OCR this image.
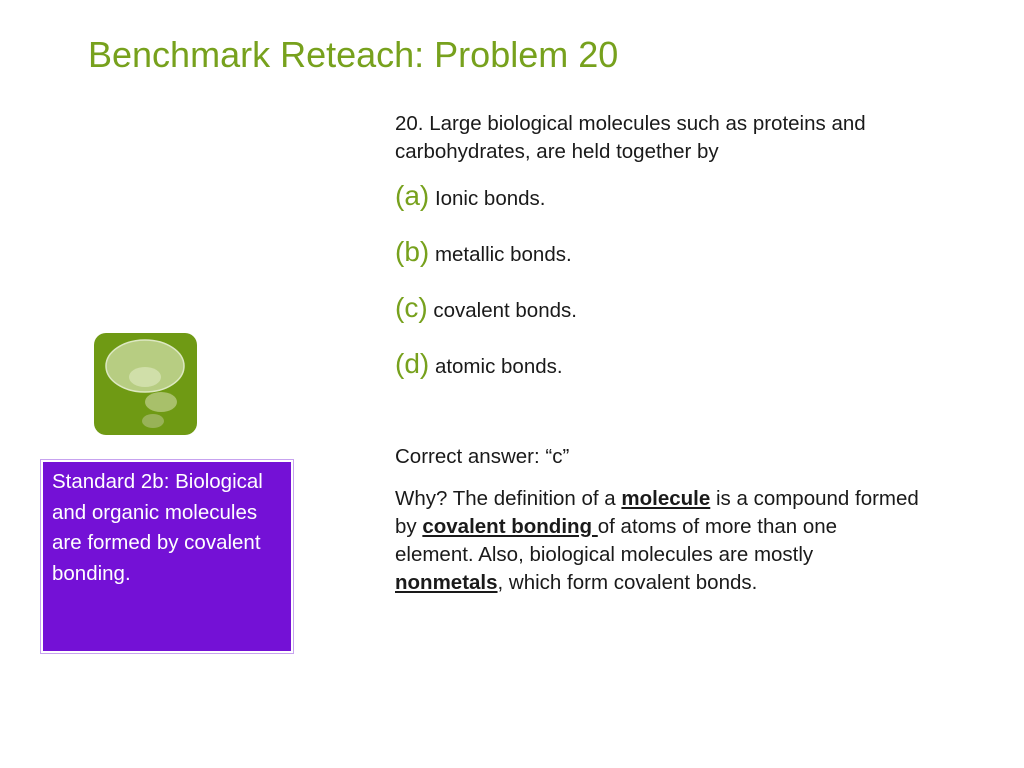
Benchmark Reteach: Problem 20

20. Large biological molecules such as proteins and carbohydrates, are held together by

(a) Ionic bonds.

(b) metallic bonds.

(c) covalent bonds.

(d) atomic bonds.

Correct answer: “c”

Why? The definition of a molecule is a compound formed by covalent bonding of atoms of more than one element. Also, biological molecules are mostly nonmetals, which form covalent bonds.

Standard 2b: Biological and organic molecules are formed by covalent bonding.
